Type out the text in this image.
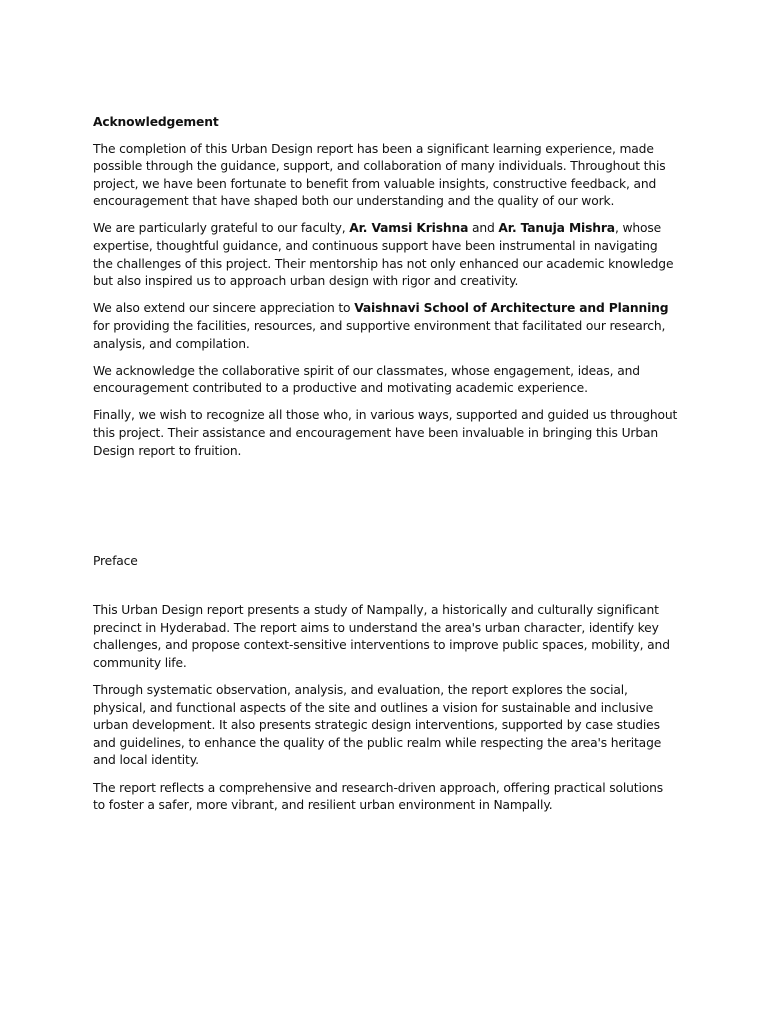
Acknowledgement

The completion of this Urban Design report has been a significant learning experience, made possible through the guidance, support, and collaboration of many individuals. Throughout this project, we have been fortunate to benefit from valuable insights, constructive feedback, and encouragement that have shaped both our understanding and the quality of our work.

We are particularly grateful to our faculty, Ar. Vamsi Krishna and Ar. Tanuja Mishra, whose expertise, thoughtful guidance, and continuous support have been instrumental in navigating the challenges of this project. Their mentorship has not only enhanced our academic knowledge but also inspired us to approach urban design with rigor and creativity.

We also extend our sincere appreciation to Vaishnavi School of Architecture and Planning for providing the facilities, resources, and supportive environment that facilitated our research, analysis, and compilation.

We acknowledge the collaborative spirit of our classmates, whose engagement, ideas, and encouragement contributed to a productive and motivating academic experience.

Finally, we wish to recognize all those who, in various ways, supported and guided us throughout this project. Their assistance and encouragement have been invaluable in bringing this Urban Design report to fruition.

Preface

This Urban Design report presents a study of Nampally, a historically and culturally significant precinct in Hyderabad. The report aims to understand the area's urban character, identify key challenges, and propose context-sensitive interventions to improve public spaces, mobility, and community life.

Through systematic observation, analysis, and evaluation, the report explores the social, physical, and functional aspects of the site and outlines a vision for sustainable and inclusive urban development. It also presents strategic design interventions, supported by case studies and guidelines, to enhance the quality of the public realm while respecting the area's heritage and local identity.

The report reflects a comprehensive and research-driven approach, offering practical solutions to foster a safer, more vibrant, and resilient urban environment in Nampally.
